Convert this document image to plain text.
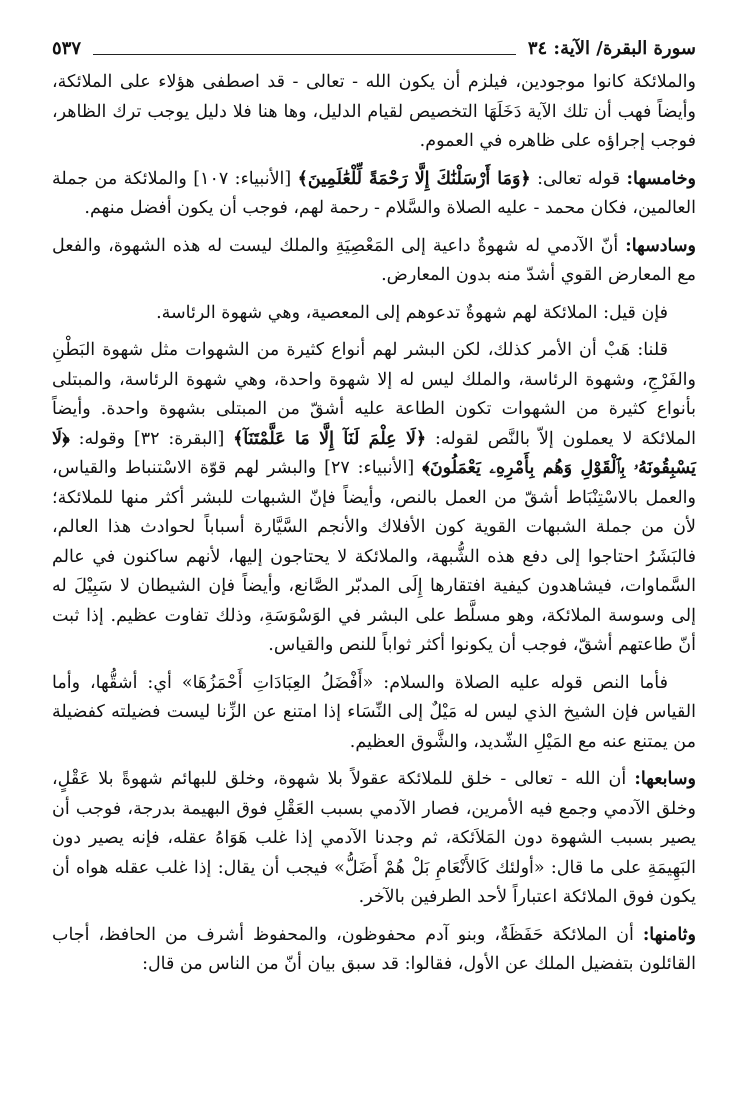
سورة البقرة/ الآية: ٣٤
٥٣٧

والملائكة كانوا موجودين، فيلزم أن يكون الله - تعالى - قد اصطفى هؤلاء على الملائكة، وأيضاً فهب أن تلك الآية دَخَلَهَا التخصيص لقيام الدليل، وها هنا فلا دليل يوجب ترك الظاهر، فوجب إجراؤه على ظاهره في العموم.

وخامسها: قوله تعالى: ﴿وَمَا أَرْسَلْنَٰكَ إِلَّا رَحْمَةً لِّلْعَٰلَمِينَ﴾ [الأنبياء: ١٠٧] والملائكة من جملة العالمين، فكان محمد - عليه الصلاة والسَّلام - رحمة لهم، فوجب أن يكون أفضل منهم.

وسادسها: أنّ الآدمي له شهوةٌ داعية إلى المَعْصِيَةِ والملك ليست له هذه الشهوة، والفعل مع المعارض القوي أشدّ منه بدون المعارض.

فإن قيل: الملائكة لهم شهوةٌ تدعوهم إلى المعصية، وهي شهوة الرئاسة.

قلنا: هَبْ أن الأمر كذلك، لكن البشر لهم أنواع كثيرة من الشهوات مثل شهوة البَطْنِ والفَرْجِ، وشهوة الرئاسة، والملك ليس له إلا شهوة واحدة، وهي شهوة الرئاسة، والمبتلى بأنواع كثيرة من الشهوات تكون الطاعة عليه أشقّ من المبتلى بشهوة واحدة. وأيضاً الملائكة لا يعملون إلاّ بالنَّص لقوله: ﴿لَا عِلْمَ لَنَآ إِلَّا مَا عَلَّمْتَنَآ﴾ [البقرة: ٣٢] وقوله: ﴿لَا يَسْبِقُونَهُۥ بِٱلْقَوْلِ وَهُم بِأَمْرِهِۦ يَعْمَلُونَ﴾ [الأنبياء: ٢٧] والبشر لهم قوّة الاسْتنباط والقياس، والعمل بالاسْتِنْبَاط أشقّ من العمل بالنص، وأيضاً فإنّ الشبهات للبشر أكثر منها للملائكة؛ لأن من جملة الشبهات القوية كون الأفلاك والأنجم السَّيَّارة أسباباً لحوادث هذا العالم، فالبَشَرُ احتاجوا إلى دفع هذه الشُّبهة، والملائكة لا يحتاجون إليها، لأنهم ساكنون في عالم السَّماوات، فيشاهدون كيفية افتقارها إِلَى المدبّر الصَّانع، وأيضاً فإن الشيطان لا سَبِيْلَ له إلى وسوسة الملائكة، وهو مسلَّط على البشر في الوَسْوَسَةِ، وذلك تفاوت عظيم. إذا ثبت أنّ طاعتهم أشقّ، فوجب أن يكونوا أكثر ثواباً للنص والقياس.

فأما النص قوله عليه الصلاة والسلام: «أَفْضَلُ العِبَادَاتِ أَحْمَزُهَا» أي: أشقُّها، وأما القياس فإن الشيخ الذي ليس له مَيْلٌ إلى النِّسَاء إذا امتنع عن الزِّنا ليست فضيلته كفضيلة من يمتنع عنه مع المَيْلِ الشّديد، والشَّوق العظيم.

وسابعها: أن الله - تعالى - خلق للملائكة عقولاً بلا شهوة، وخلق للبهائم شهوةً بلا عَقْلٍ، وخلق الآدمي وجمع فيه الأمرين، فصار الآدمي بسبب العَقْلِ فوق البهيمة بدرجة، فوجب أن يصير بسبب الشهوة دون المَلاَئكة، ثم وجدنا الآدمي إذا غلب هَوَاهُ عقله، فإنه يصير دون البَهِيمَةِ على ما قال: «أولئك كَالأَنْعَامِ بَلْ هُمْ أَضَلُّ» فيجب أن يقال: إذا غلب عقله هواه أن يكون فوق الملائكة اعتباراً لأحد الطرفين بالآخر.

وثامنها: أن الملائكة حَفَظَةٌ، وبنو آدم محفوظون، والمحفوظ أشرف من الحافظ، أجاب القائلون بتفضيل الملك عن الأول، فقالوا: قد سبق بيان أنّ من الناس من قال:
